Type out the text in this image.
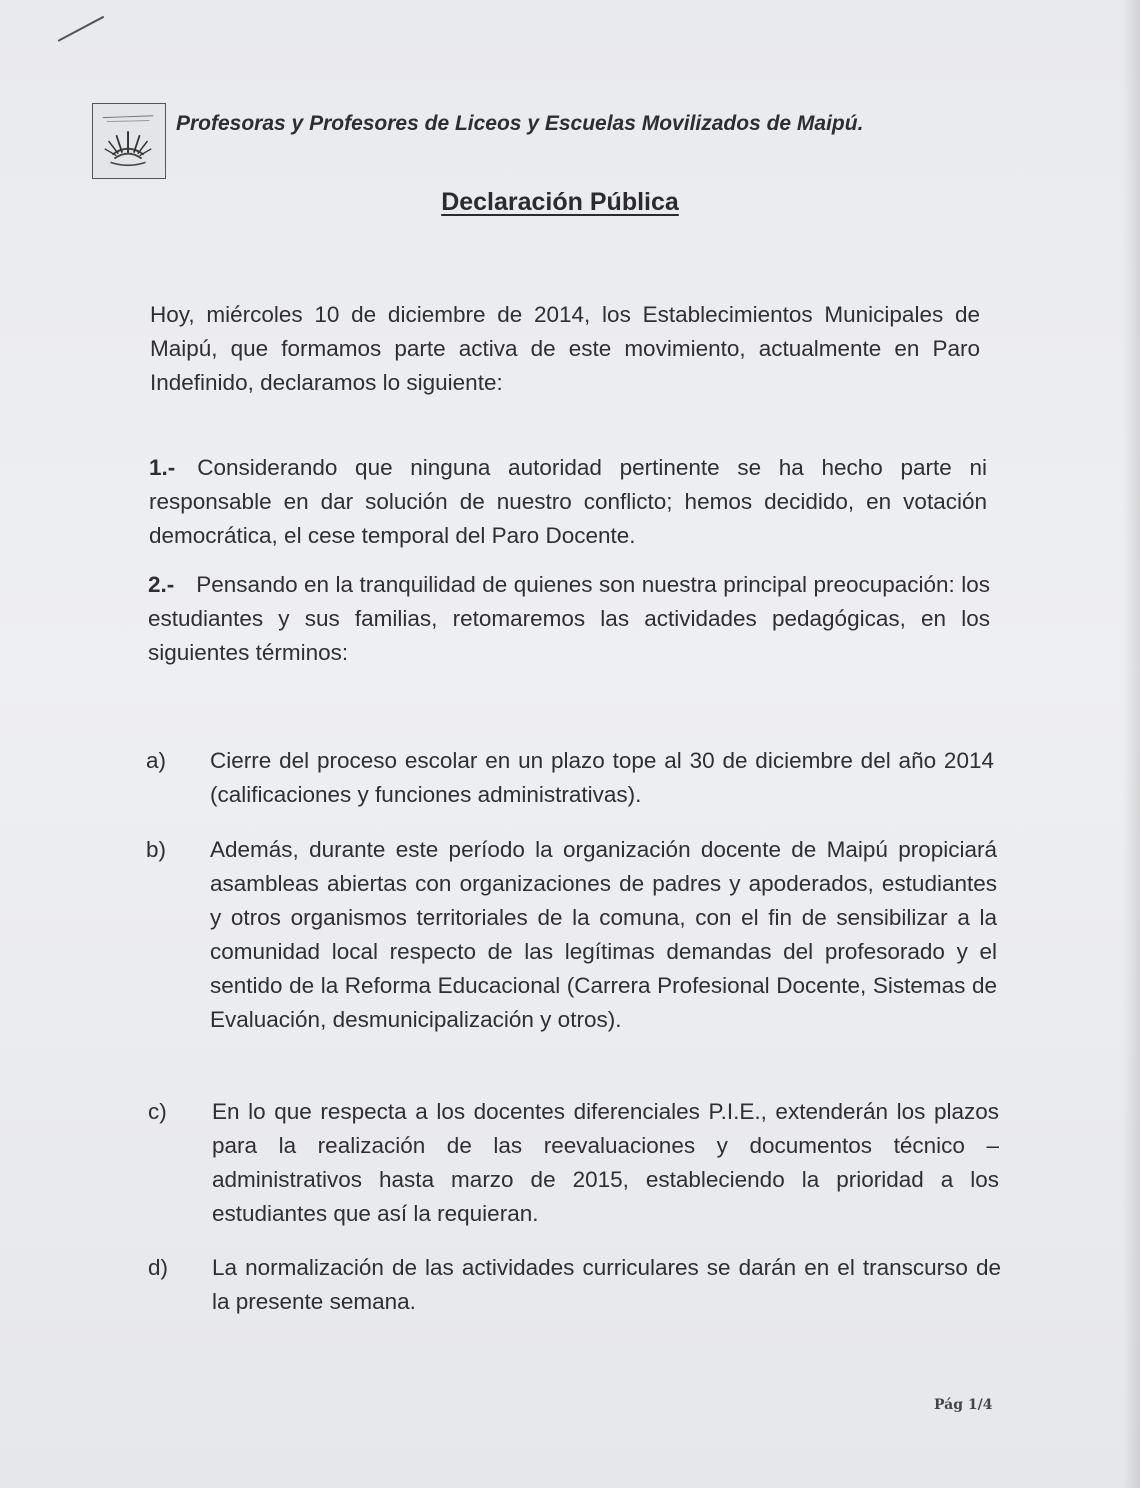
Profesoras y Profesores de Liceos y Escuelas Movilizados de Maipú.
Declaración Pública
Hoy, miércoles 10 de diciembre de 2014, los Establecimientos Municipales de Maipú, que formamos parte activa de este movimiento, actualmente en Paro Indefinido, declaramos lo siguiente:
1.- Considerando que ninguna autoridad pertinente se ha hecho parte ni responsable en dar solución de nuestro conflicto; hemos decidido, en votación democrática, el cese temporal del Paro Docente.
2.- Pensando en la tranquilidad de quienes son nuestra principal preocupación: los estudiantes y sus familias, retomaremos las actividades pedagógicas, en los siguientes términos:
a)	Cierre del proceso escolar en un plazo tope al 30 de diciembre del año 2014 (calificaciones y funciones administrativas).
b)	Además, durante este período la organización docente de Maipú propiciará asambleas abiertas con organizaciones de padres y apoderados, estudiantes y otros organismos territoriales de la comuna, con el fin de sensibilizar a la comunidad local respecto de las legítimas demandas del profesorado y el sentido de la Reforma Educacional (Carrera Profesional Docente, Sistemas de Evaluación, desmunicipalización y otros).
c)	En lo que respecta a los docentes diferenciales P.I.E., extenderán los plazos para la realización de las reevaluaciones y documentos técnico – administrativos hasta marzo de 2015, estableciendo la prioridad a los estudiantes que así la requieran.
d)	La normalización de las actividades curriculares se darán en el transcurso de la presente semana.
Pág 1/4
